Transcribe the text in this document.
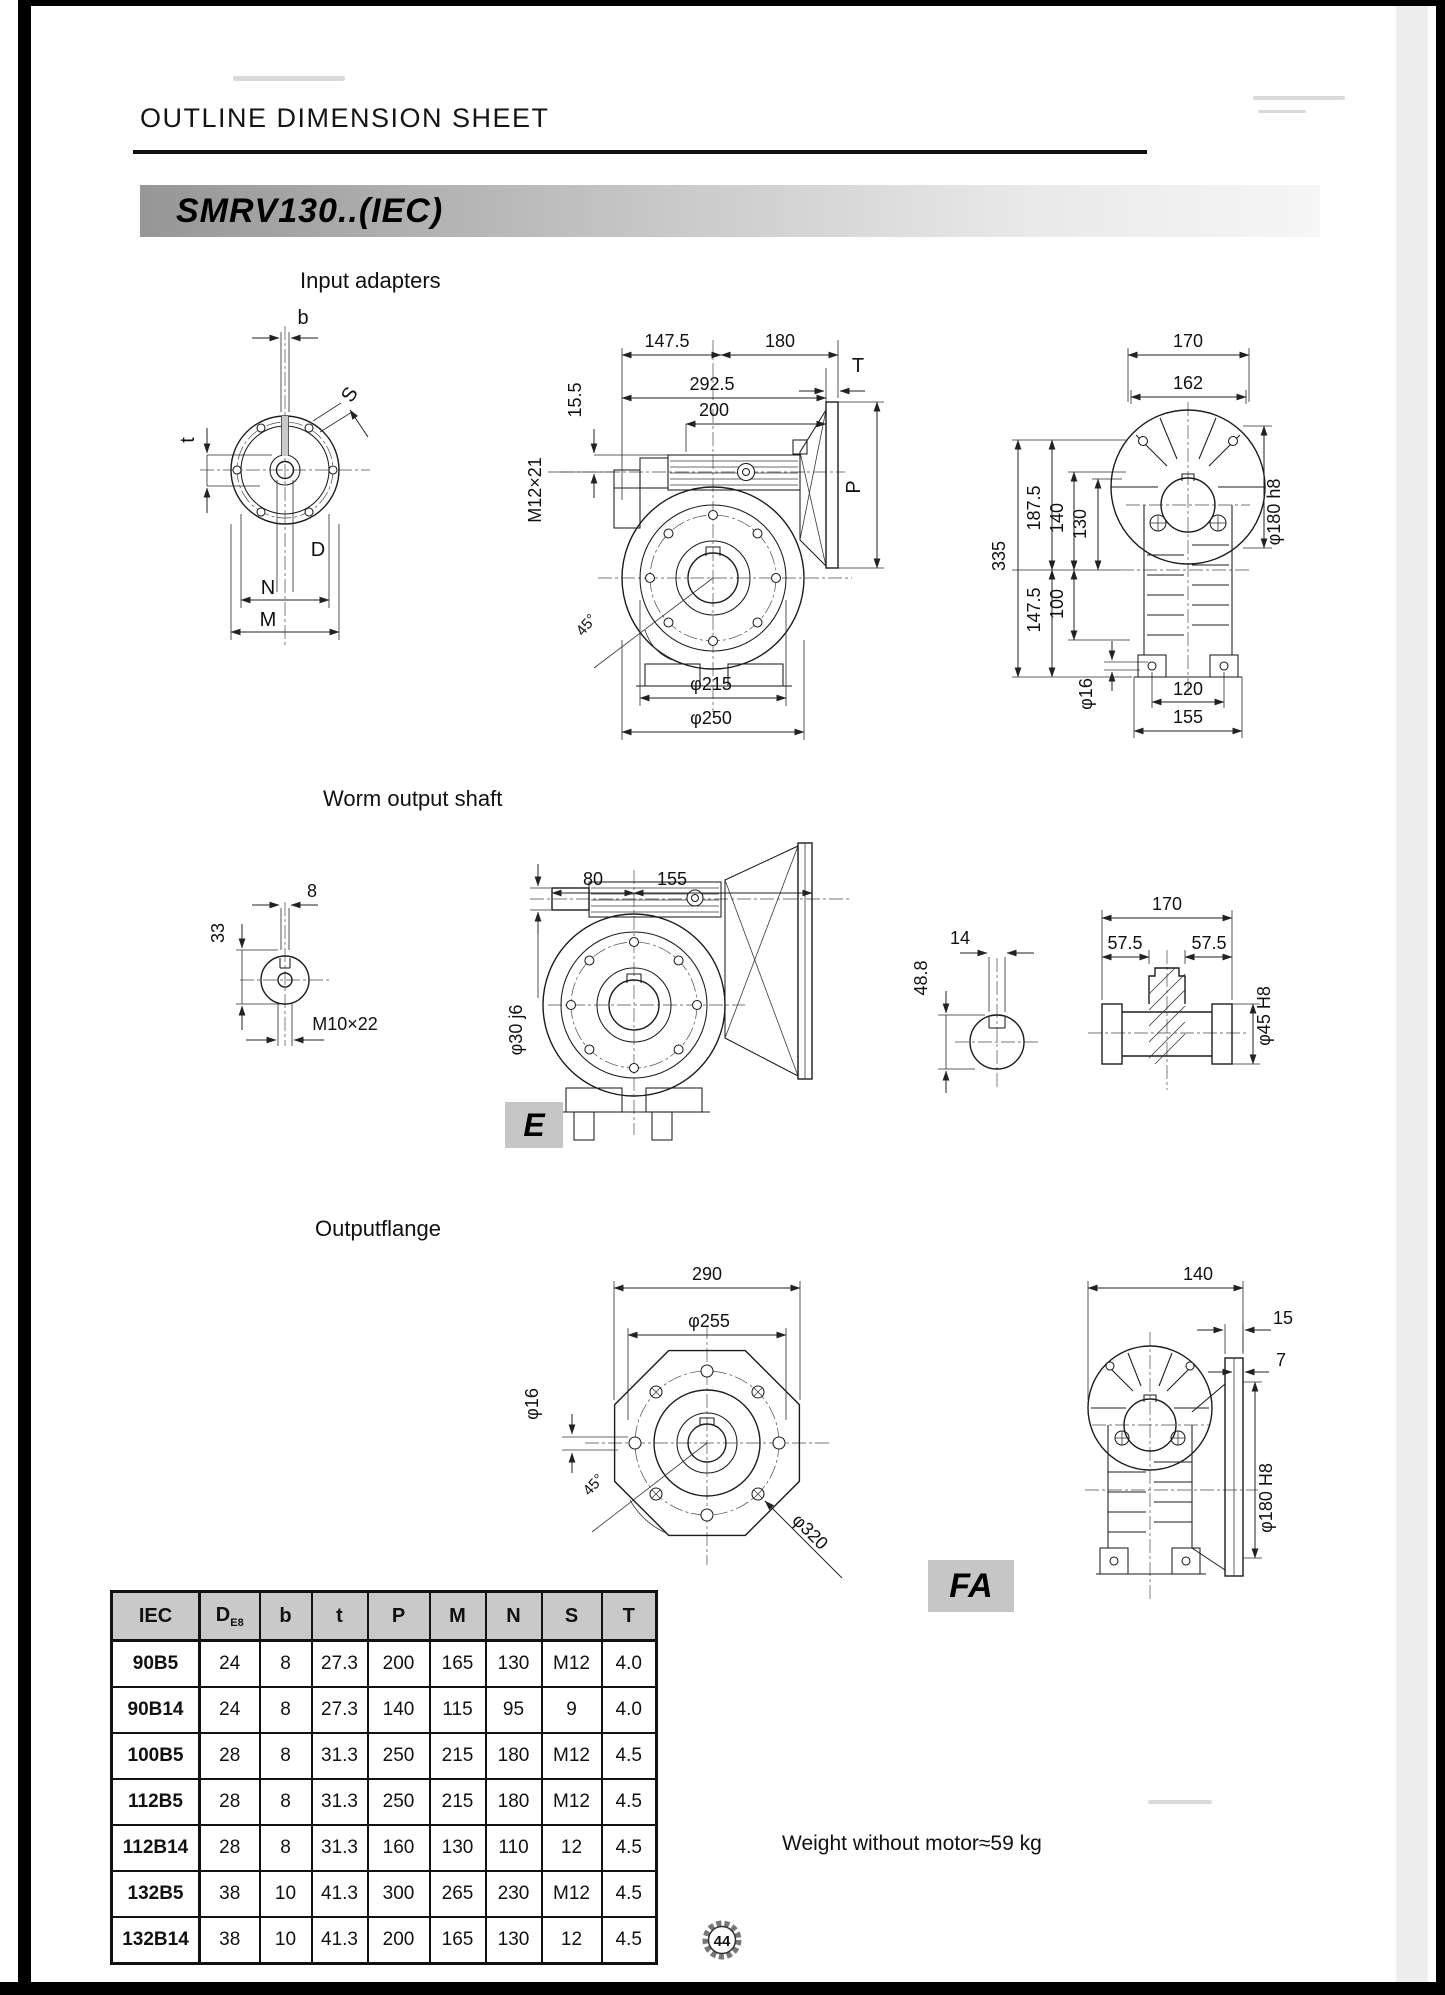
OUTLINE DIMENSION SHEET
SMRV130..(IEC)
Input adapters
Worm output shaft
Outputflange
b
S
t
D
N
M	45°
147.5	180
292.5
200
T
15.5
M12×21	P
φ215
φ250
170
162
335
187.5 140 130
147.5 100
φ180 h8
φ16	120
155
8
33
M10×22
80	155
φ30 j6
14
48.8
170
57.5	57.5
φ45 H8
290
φ255
φ16
45°
φ320
140
15
7
φ180 H8
44
E
FA
IEC	$D_{E8}$	b	t	P	M	N	S	T
90B5	24	8	27.3	200	165	130	M12	4.0
90B14	24	8	27.3	140	115	95	9	4.0
100B5	28	8	31.3	250	215	180	M12	4.5
112B5	28	8	31.3	250	215	180	M12	4.5
112B14	28	8	31.3	160	130	110	12	4.5
132B5	38	10	41.3	300	265	230	M12	4.5
132B14	38	10	41.3	200	165	130	12	4.5
Weight without motor≈59 kg
